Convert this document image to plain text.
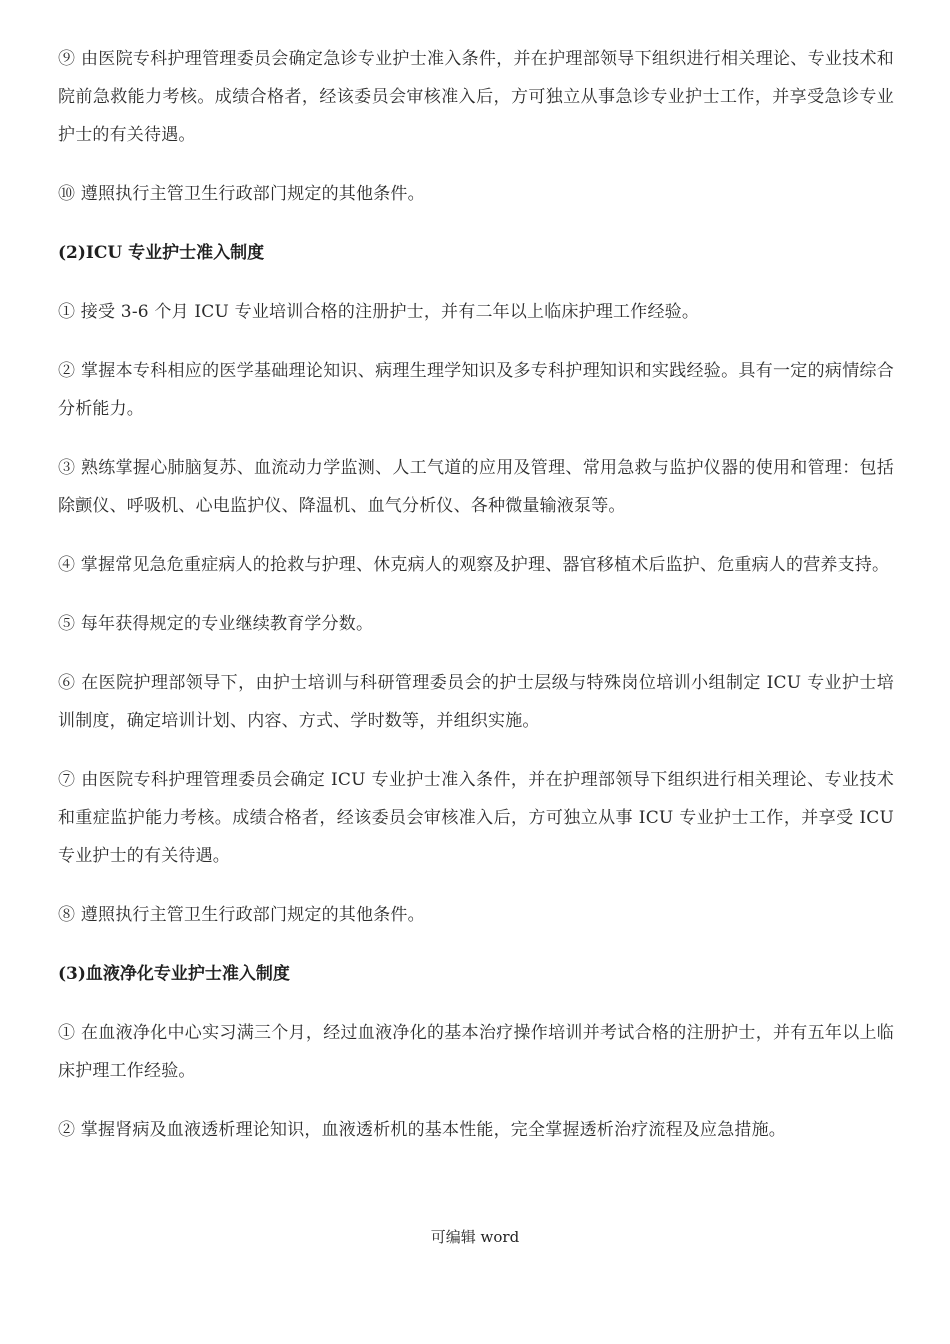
⑨ 由医院专科护理管理委员会确定急诊专业护士准入条件，并在护理部领导下组织进行相关理论、专业技术和院前急救能力考核。成绩合格者，经该委员会审核准入后，方可独立从事急诊专业护士工作，并享受急诊专业护士的有关待遇。

⑩ 遵照执行主管卫生行政部门规定的其他条件。

(2)ICU 专业护士准入制度

① 接受 3-6 个月 ICU 专业培训合格的注册护士，并有二年以上临床护理工作经验。

② 掌握本专科相应的医学基础理论知识、病理生理学知识及多专科护理知识和实践经验。具有一定的病情综合分析能力。

③ 熟练掌握心肺脑复苏、血流动力学监测、人工气道的应用及管理、常用急救与监护仪器的使用和管理：包括除颤仪、呼吸机、心电监护仪、降温机、血气分析仪、各种微量输液泵等。

④ 掌握常见急危重症病人的抢救与护理、休克病人的观察及护理、器官移植术后监护、危重病人的营养支持。

⑤ 每年获得规定的专业继续教育学分数。

⑥ 在医院护理部领导下，由护士培训与科研管理委员会的护士层级与特殊岗位培训小组制定 ICU 专业护士培训制度，确定培训计划、内容、方式、学时数等，并组织实施。

⑦ 由医院专科护理管理委员会确定 ICU 专业护士准入条件，并在护理部领导下组织进行相关理论、专业技术和重症监护能力考核。成绩合格者，经该委员会审核准入后，方可独立从事 ICU 专业护士工作，并享受 ICU 专业护士的有关待遇。

⑧ 遵照执行主管卫生行政部门规定的其他条件。

(3)血液净化专业护士准入制度

① 在血液净化中心实习满三个月，经过血液净化的基本治疗操作培训并考试合格的注册护士，并有五年以上临床护理工作经验。

② 掌握肾病及血液透析理论知识，血液透析机的基本性能，完全掌握透析治疗流程及应急措施。

可编辑 word
